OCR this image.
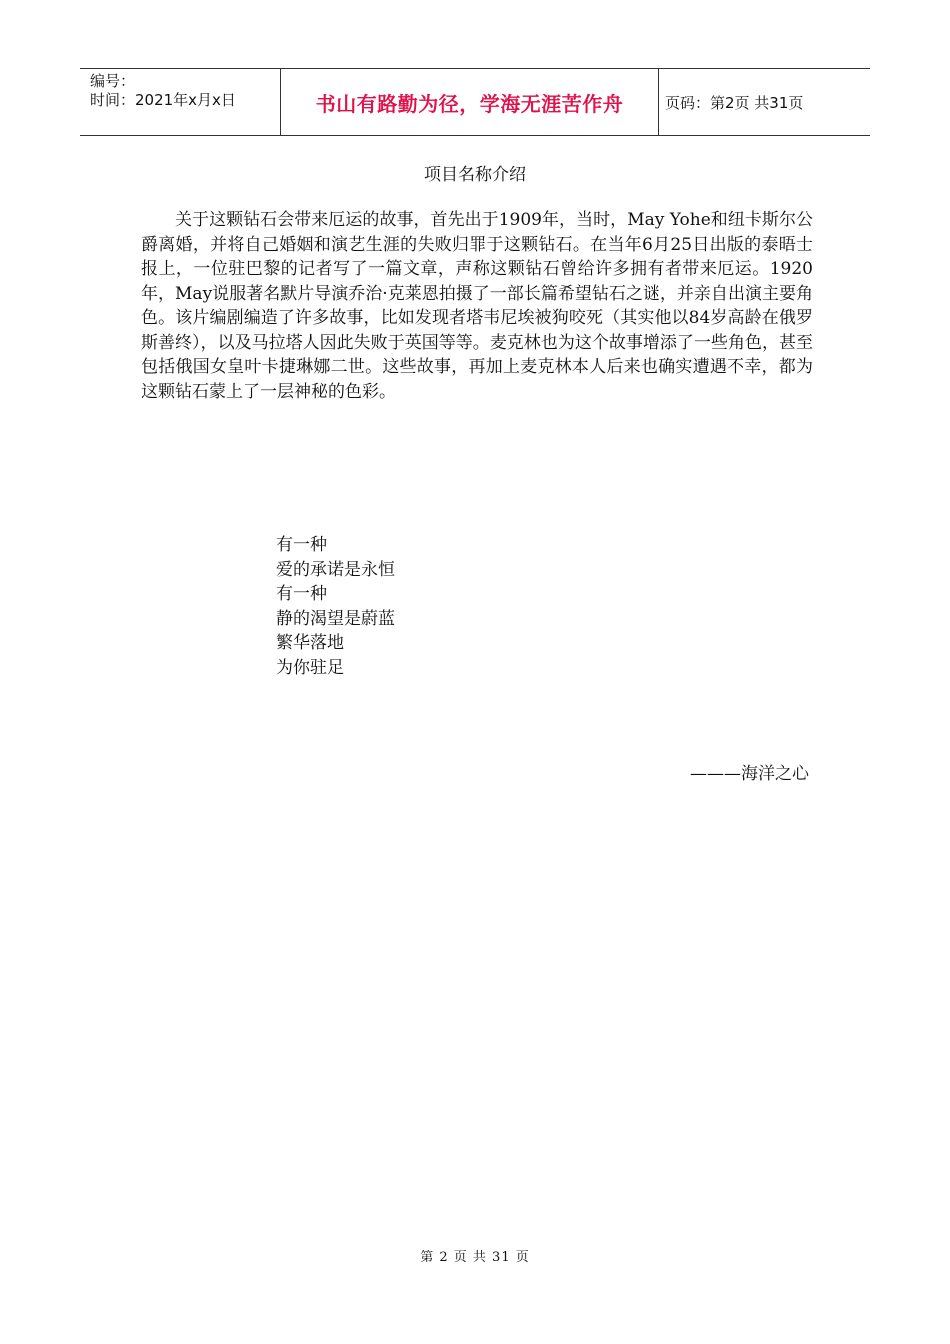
编号：
时间：2021年x月x日	书山有路勤为径，学海无涯苦作舟	页码：第2页 共31页
项目名称介绍

关于这颗钻石会带来厄运的故事，首先出于1909年，当时，May Yohe和纽卡斯尔公爵离婚，并将自己婚姻和演艺生涯的失败归罪于这颗钻石。在当年6月25日出版的泰晤士报上，一位驻巴黎的记者写了一篇文章，声称这颗钻石曾给许多拥有者带来厄运。1920年，May说服著名默片导演乔治·克莱恩拍摄了一部长篇希望钻石之谜，并亲自出演主要角色。该片编剧编造了许多故事，比如发现者塔韦尼埃被狗咬死（其实他以84岁高龄在俄罗斯善终），以及马拉塔人因此失败于英国等等。麦克林也为这个故事增添了一些角色，甚至包括俄国女皇叶卡捷琳娜二世。这些故事，再加上麦克林本人后来也确实遭遇不幸，都为这颗钻石蒙上了一层神秘的色彩。

有一种
爱的承诺是永恒
有一种
静的渴望是蔚蓝
繁华落地
为你驻足
———海洋之心
第 2 页 共 31 页
